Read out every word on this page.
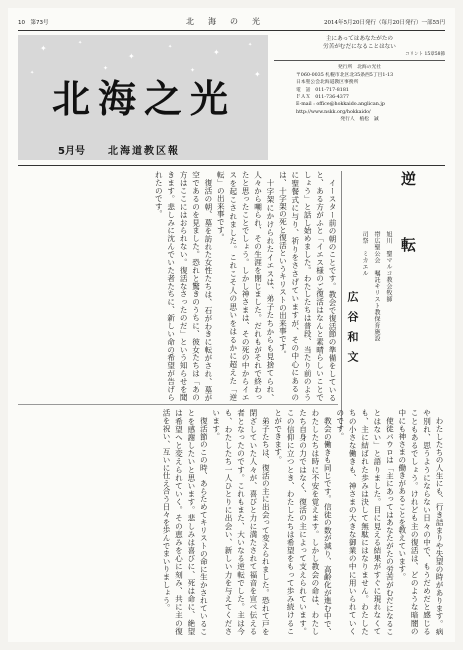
10　第73号	北　海　の　光	2014年5月20日発行（毎月20日発行）一部55円
✦
✦
✦
✦
✦
✦
✦
✦	✦	✦
北海之光
5月号 北海道教区報
主にあってはあなたがたの
労苦がむだになることはない
コリント 15章58節
発行所　北海の光社
〒060-0035 札幌市北区北35条西5丁目1-13
日本聖公会北海道教区事務所
電　話　011-717-8181
ＦＡＸ　011-736-4377
E-mail : office@hokkaido.anglican.jp
http://www.nskk.org/hokkaido/
発行人　植松　誠
逆　転
旭川　聖マルコ教会牧師
帯広聖公会　嘱託キリスト教保育施設
司祭　ミカエル
広谷和文

イースター前の朝のことです。教会で復活節の準備をしていると、ある方がふと「イエス様のご復活はなんと素晴らしいことでしょう」と話し始めました。わたしたちは普段、当たり前のように聖餐式に与り、祈りをささげていますが、その中心にあるのは、十字架の死と復活というキリストの出来事です。

十字架にかけられたイエスは、弟子たちからも見捨てられ、人々から嘲られ、その生涯を閉じました。だれもがそれで終わったと思ったことでしょう。しかし神さまは、その死の中からイエスを起こされました。これこそ人の思いをはるかに超えた「逆転」の出来事です。

復活の朝、墓を訪れた女性たちは、石がわきに転がされ、墓が空であるのを見ました。恐れと驚きのうちに、彼女たちは「あの方はここにはおられない。復活なさったのだ」という知らせを聞きます。悲しみに沈んでいた者たちに、新しい命の希望が告げられたのです。

わたしたちの人生にも、行き詰まりや失望の時があります。病や別れ、思うようにならない日々の中で、もうだめだと感じることもあるでしょう。けれども主の復活は、どのような暗闇の中にも神さまの働きがあることを教えています。

使徒パウロは「主にあってはあなたがたの労苦がむだになることはない」と語りました。目に見える結果がすぐに現れなくても、主に結ばれた歩みは決して無駄にはなりません。わたしたちの小さな働きも、神さまの大きな御業の中に用いられていくのです。

教会の働きも同じです。信徒の数が減り、高齢化が進む中で、わたしたちは時に不安を覚えます。しかし教会の命は、わたしたち自身の力ではなく、復活の主によって支えられています。この信仰に立つとき、わたしたちは希望をもって歩み続けることができます。

弟子たちは、復活の主に出会って変えられました。恐れて戸を閉ざしていた人々が、喜びと力に満たされて福音を宣べ伝える者となったのです。これもまた、大いなる逆転でした。主は今も、わたしたち一人ひとりに出会い、新しい力を与えてくださいます。

復活節のこの時、あらためてキリストの命に生かされていることを感謝したいと思います。悲しみは喜びに、死は命に、絶望は希望へと変えられていく。その恵みを心に刻み、共に主の復活を祝い、互いに仕え合う日々を歩んでまいりましょう。
